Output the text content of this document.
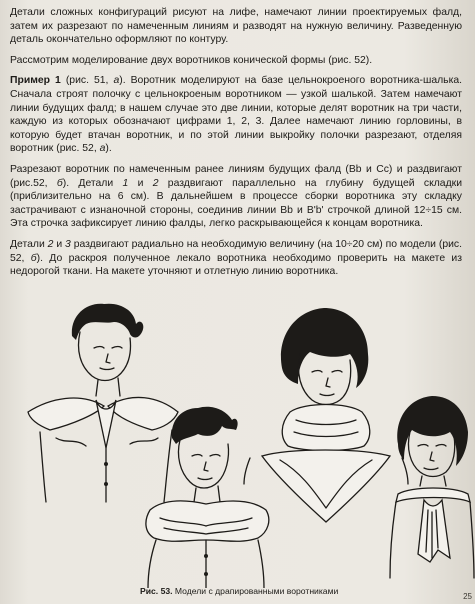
Детали сложных конфигураций рисуют на лифе, намечают линии проектируемых фалд, затем их разрезают по намеченным линиям и разводят на нужную величину. Разведенную деталь окончательно оформляют по контуру.

Рассмотрим моделирование двух воротников конической формы (рис. 52).

Пример 1 (рис. 51, а). Воротник моделируют на базе цельнокроеного воротника-шалька. Сначала строят полочку с цельнокроеным воротником — узкой шалькой. Затем намечают линии будущих фалд; в нашем случае это две линии, которые делят воротник на три части, каждую из которых обозначают цифрами 1, 2, 3. Далее намечают линию горловины, в которую будет втачан воротник, и по этой линии выкройку полочки разрезают, отделяя воротник (рис. 52, а).

Разрезают воротник по намеченным ранее линиям будущих фалд (Вb и Сс) и раздвигают (рис.52, б). Детали 1 и 2 раздвигают параллельно на глубину будущей складки (приблизительно на 6 см). В дальнейшем в процессе сборки воротника эту складку застрачивают с изнаночной стороны, соединив линии Вb и B'b' строчкой длиной 12÷15 см. Эта строчка зафиксирует линию фалды, легко раскрывающейся к концам воротника.

Детали 2 и 3 раздвигают радиально на необходимую величину (на 10÷20 см) по модели (рис. 52, б). До раскроя полученное лекало воротника необходимо проверить на макете из недорогой ткани. На макете уточняют и отлетную линию воротника.

Рис. 53. Модели с драпированными воротниками
25
